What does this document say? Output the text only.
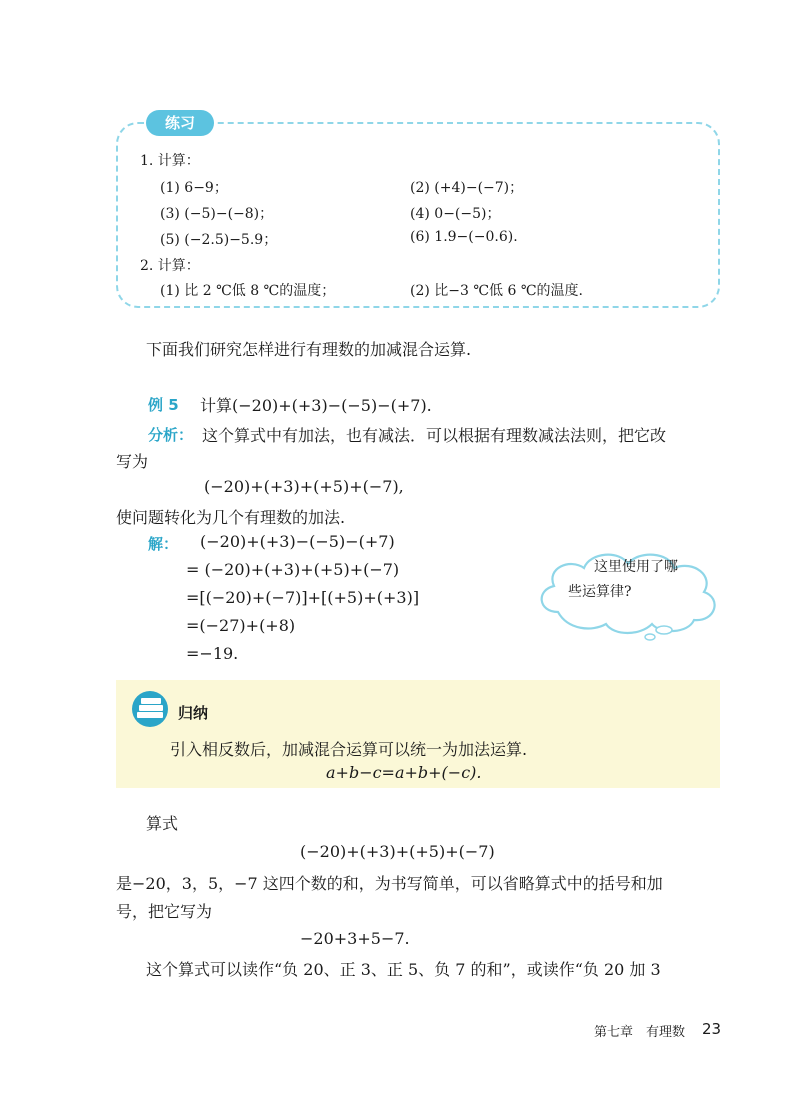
练习
1. 计算：
(1) 6−9；	(2) (+4)−(−7)；
(3) (−5)−(−8)；	(4) 0−(−5)；
(5) (−2.5)−5.9；	(6) 1.9−(−0.6).
2. 计算：
(1) 比 2 ℃低 8 ℃的温度；	(2) 比−3 ℃低 6 ℃的温度.
下面我们研究怎样进行有理数的加减混合运算.
例 5 计算(−20)+(+3)−(−5)−(+7).
分析： 这个算式中有加法，也有减法．可以根据有理数减法法则，把它改
写为
(−20)+(+3)+(+5)+(−7),
使问题转化为几个有理数的加法.
解： (−20)+(+3)−(−5)−(+7)
= (−20)+(+3)+(+5)+(−7)
=[(−20)+(−7)]+[(+5)+(+3)]
=(−27)+(+8)
=−19.
这里使用了哪
些运算律?
归纳
引入相反数后，加减混合运算可以统一为加法运算.
a+b−c=a+b+(−c).
算式
(−20)+(+3)+(+5)+(−7)
是−20，3，5，−7 这四个数的和，为书写简单，可以省略算式中的括号和加
号，把它写为
−20+3+5−7.
这个算式可以读作“负 20、正 3、正 5、负 7 的和”，或读作“负 20 加 3
第七章　有理数 23
